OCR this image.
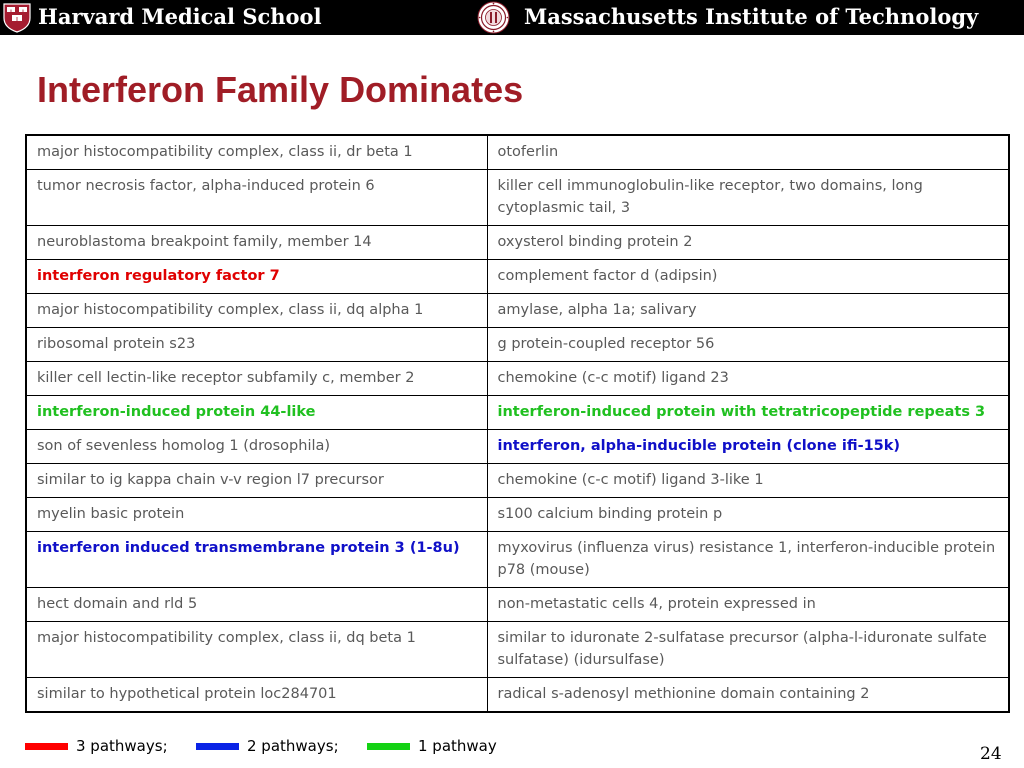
Harvard Medical School	Massachusetts Institute of Technology
Interferon Family Dominates
major histocompatibility complex, class ii, dr beta 1	otoferlin
tumor necrosis factor, alpha-induced protein 6	killer cell immunoglobulin-like receptor, two domains, long cytoplasmic tail, 3
neuroblastoma breakpoint family, member 14	oxysterol binding protein 2
interferon regulatory factor 7	complement factor d (adipsin)
major histocompatibility complex, class ii, dq alpha 1	amylase, alpha 1a; salivary
ribosomal protein s23	g protein-coupled receptor 56
killer cell lectin-like receptor subfamily c, member 2	chemokine (c-c motif) ligand 23
interferon-induced protein 44-like	interferon-induced protein with tetratricopeptide repeats 3
son of sevenless homolog 1 (drosophila)	interferon, alpha-inducible protein (clone ifi-15k)
similar to ig kappa chain v-v region l7 precursor	chemokine (c-c motif) ligand 3-like 1
myelin basic protein	s100 calcium binding protein p
interferon induced transmembrane protein 3 (1-8u)	myxovirus (influenza virus) resistance 1, interferon-inducible protein p78 (mouse)
hect domain and rld 5	non-metastatic cells 4, protein expressed in
major histocompatibility complex, class ii, dq beta 1	similar to iduronate 2-sulfatase precursor (alpha-l-iduronate sulfate sulfatase) (idursulfase)
similar to hypothetical protein loc284701	radical s-adenosyl methionine domain containing 2
3 pathways;	2 pathways;	1 pathway	24
